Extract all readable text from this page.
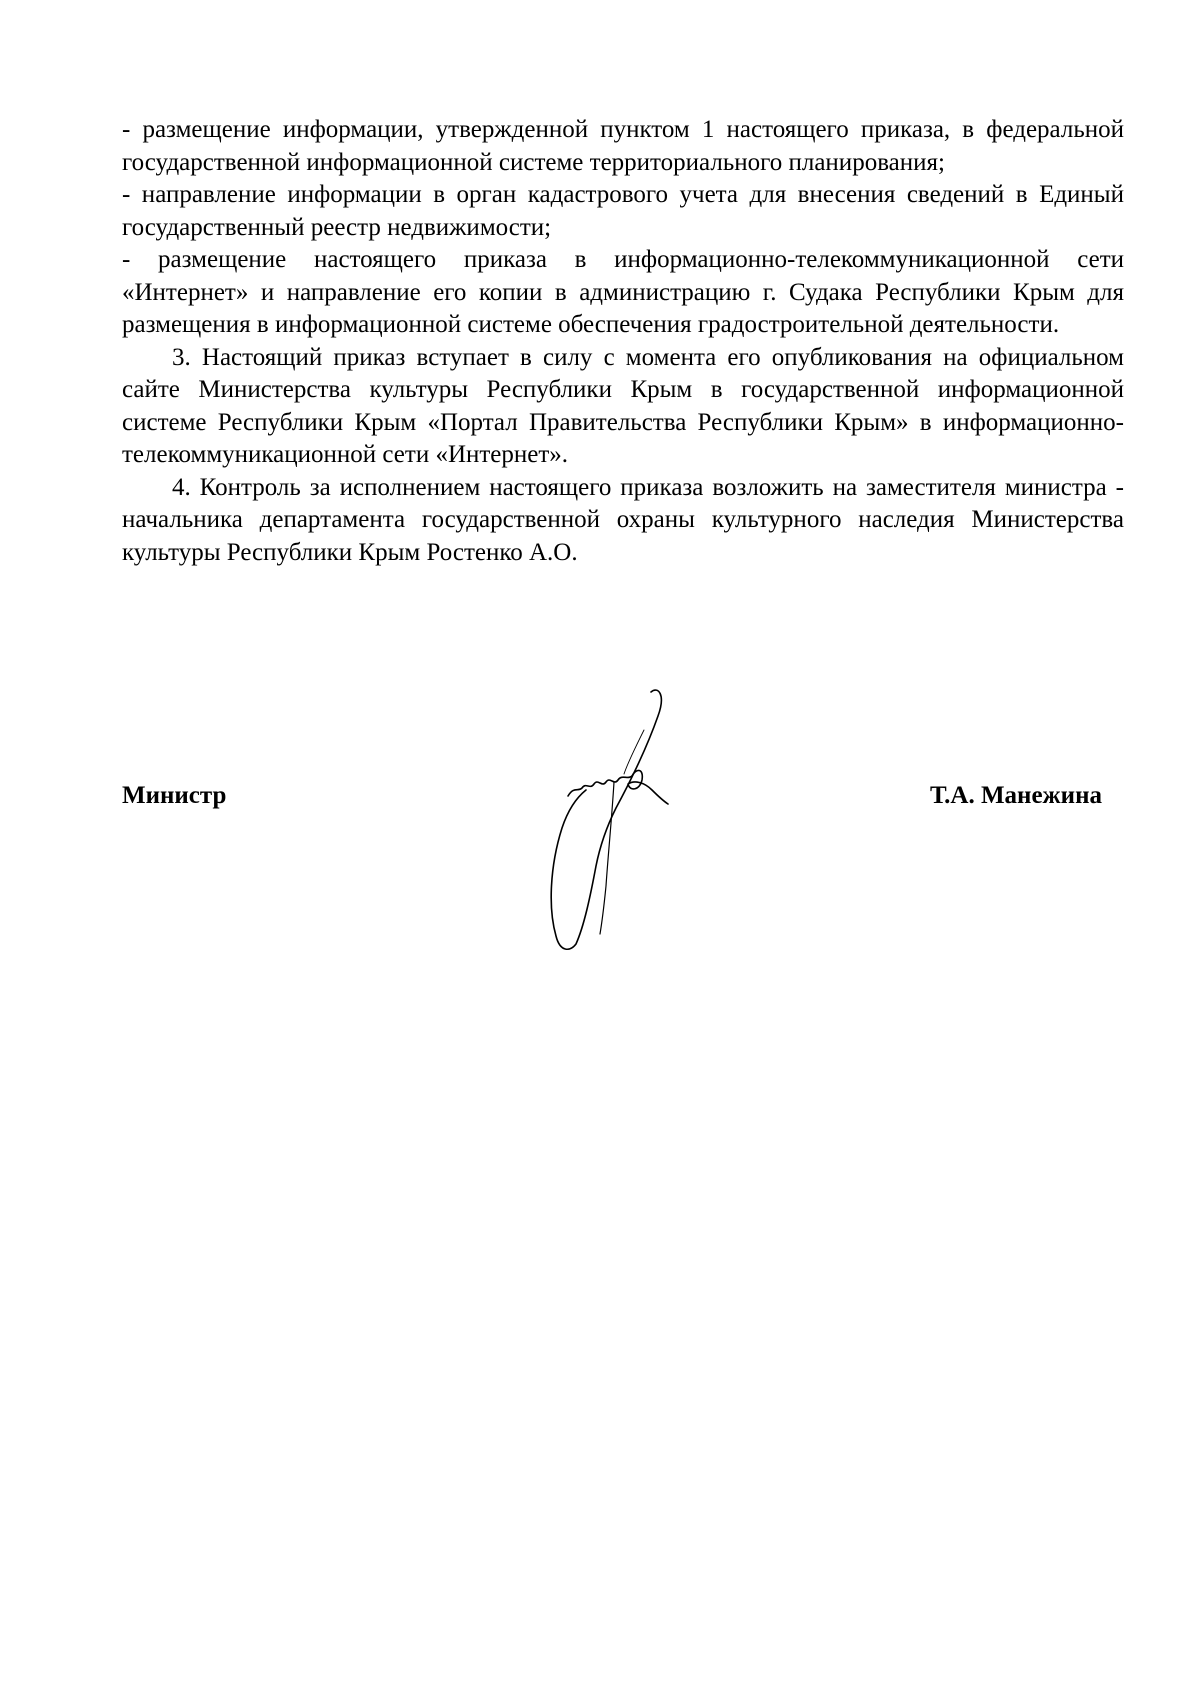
- размещение информации, утвержденной пунктом 1 настоящего приказа, в федеральной государственной информационной системе территориального планирования;

- направление информации в орган кадастрового учета для внесения сведений в Единый государственный реестр недвижимости;

- размещение настоящего приказа в информационно-телекоммуникационной сети «Интернет» и направление его копии в администрацию г. Судака Республики Крым для размещения в информационной системе обеспечения градостроительной деятельности.

3. Настоящий приказ вступает в силу с момента его опубликования на официальном сайте Министерства культуры Республики Крым в государственной информационной системе Республики Крым «Портал Правительства Республики Крым» в информационно-телекоммуникационной сети «Интернет».

4. Контроль за исполнением настоящего приказа возложить на заместителя министра - начальника департамента государственной охраны культурного наследия Министерства культуры Республики Крым Ростенко А.О.

Министр	Т.А. Манежина
